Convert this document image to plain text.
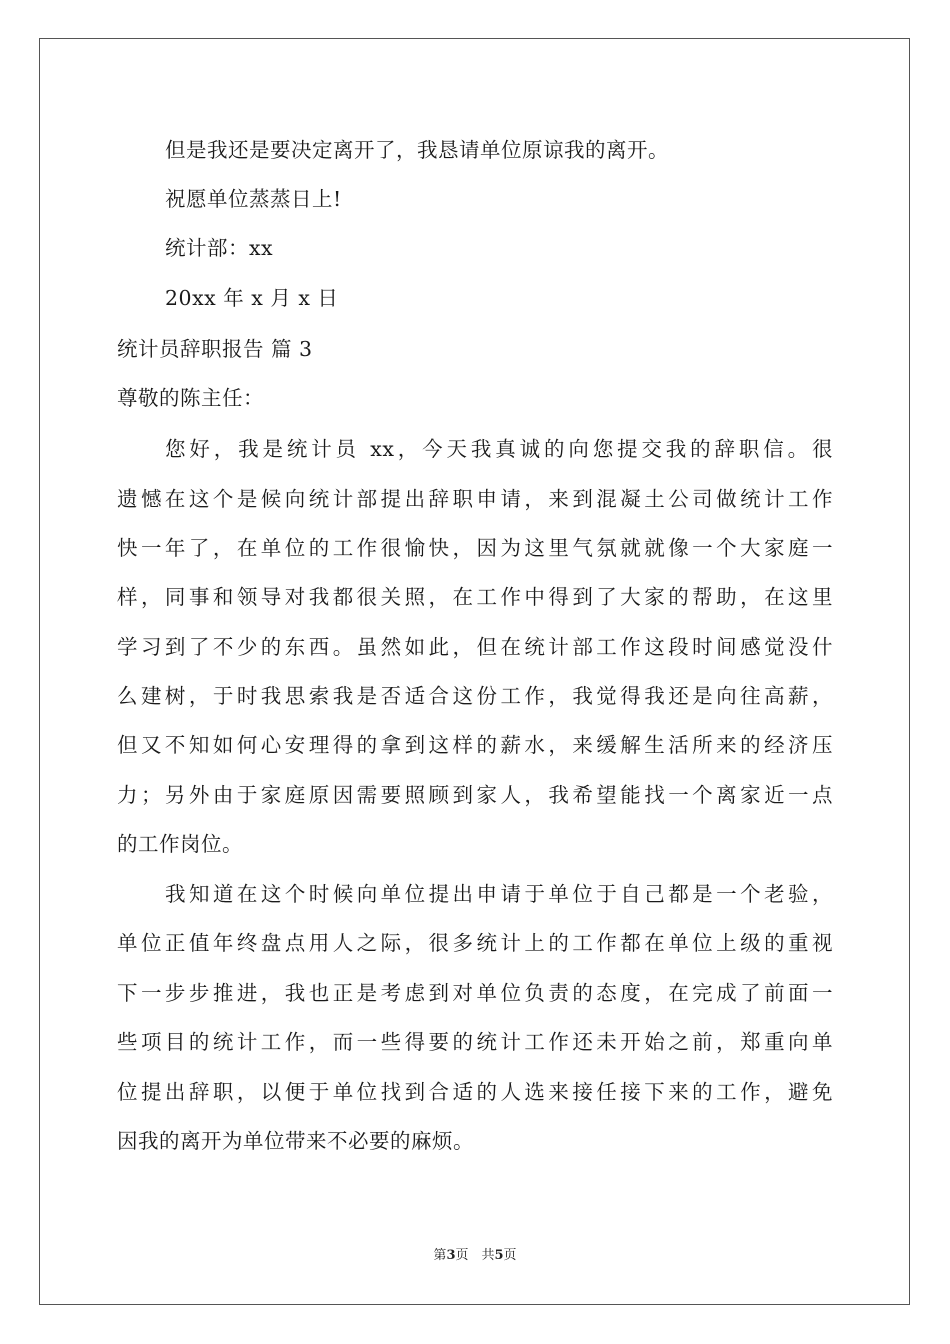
但是我还是要决定离开了，我恳请单位原谅我的离开。
祝愿单位蒸蒸日上!
统计部：xx
20xx 年 x 月 x 日
统计员辞职报告 篇 3
尊敬的陈主任：
您好，我是统计员 xx，今天我真诚的向您提交我的辞职信。很
遗憾在这个是候向统计部提出辞职申请，来到混凝土公司做统计工作
快一年了，在单位的工作很愉快，因为这里气氛就就像一个大家庭一
样，同事和领导对我都很关照，在工作中得到了大家的帮助，在这里
学习到了不少的东西。虽然如此，但在统计部工作这段时间感觉没什
么建树，于时我思索我是否适合这份工作，我觉得我还是向往高薪，
但又不知如何心安理得的拿到这样的薪水，来缓解生活所来的经济压
力；另外由于家庭原因需要照顾到家人，我希望能找一个离家近一点
的工作岗位。
我知道在这个时候向单位提出申请于单位于自己都是一个老验，
单位正值年终盘点用人之际，很多统计上的工作都在单位上级的重视
下一步步推进，我也正是考虑到对单位负责的态度，在完成了前面一
些项目的统计工作，而一些得要的统计工作还未开始之前，郑重向单
位提出辞职，以便于单位找到合适的人选来接任接下来的工作，避免
因我的离开为单位带来不必要的麻烦。
第3页　共5页
